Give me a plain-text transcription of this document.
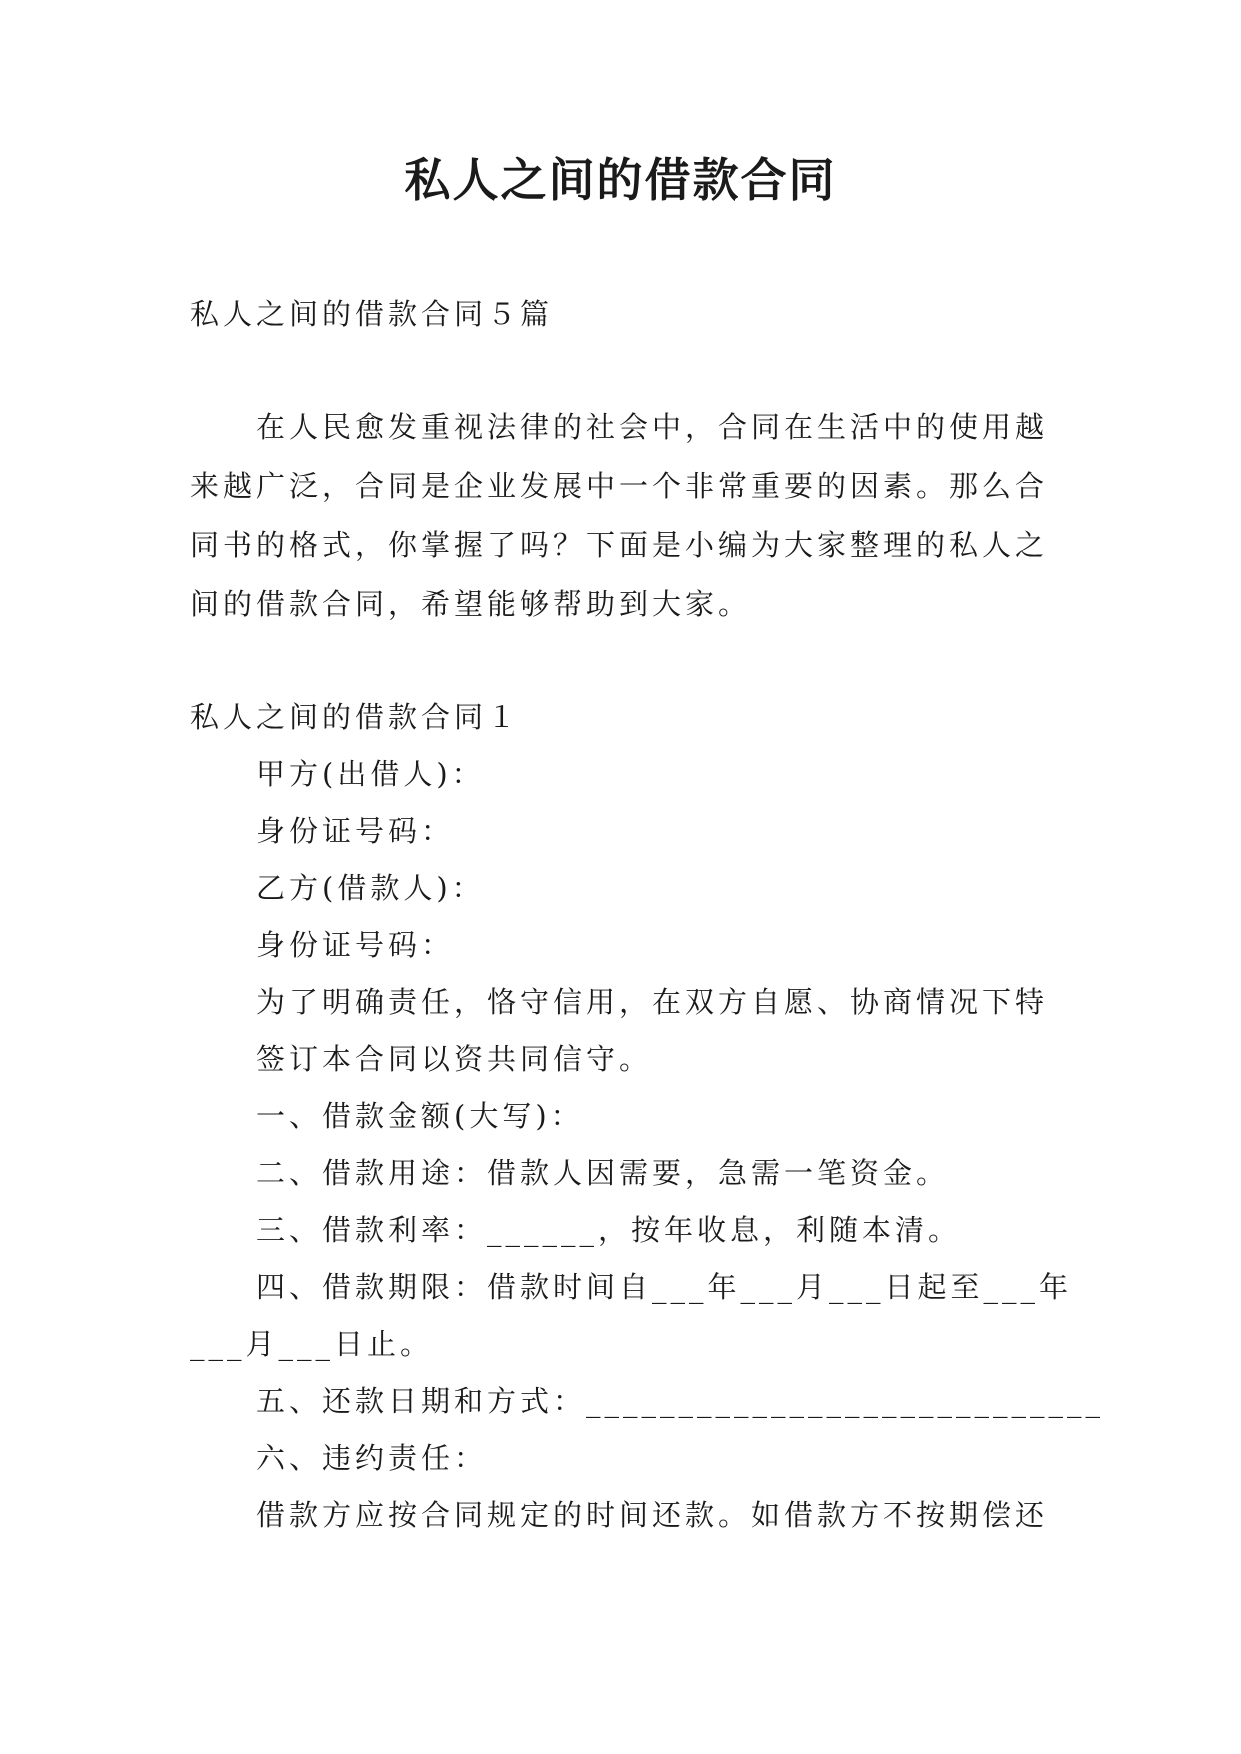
私人之间的借款合同
私人之间的借款合同５篇
在人民愈发重视法律的社会中，合同在生活中的使用越
来越广泛，合同是企业发展中一个非常重要的因素。那么合
同书的格式，你掌握了吗？下面是小编为大家整理的私人之
间的借款合同，希望能够帮助到大家。
私人之间的借款合同１
甲方(出借人)：
身份证号码：
乙方(借款人)：
身份证号码：
为了明确责任，恪守信用，在双方自愿、协商情况下特
签订本合同以资共同信守。
一、借款金额(大写)：
二、借款用途：借款人因需要，急需一笔资金。
三、借款利率：______，按年收息，利随本清。
四、借款期限：借款时间自___年___月___日起至___年
___月___日止。
五、还款日期和方式：____________________________
六、违约责任：
借款方应按合同规定的时间还款。如借款方不按期偿还
